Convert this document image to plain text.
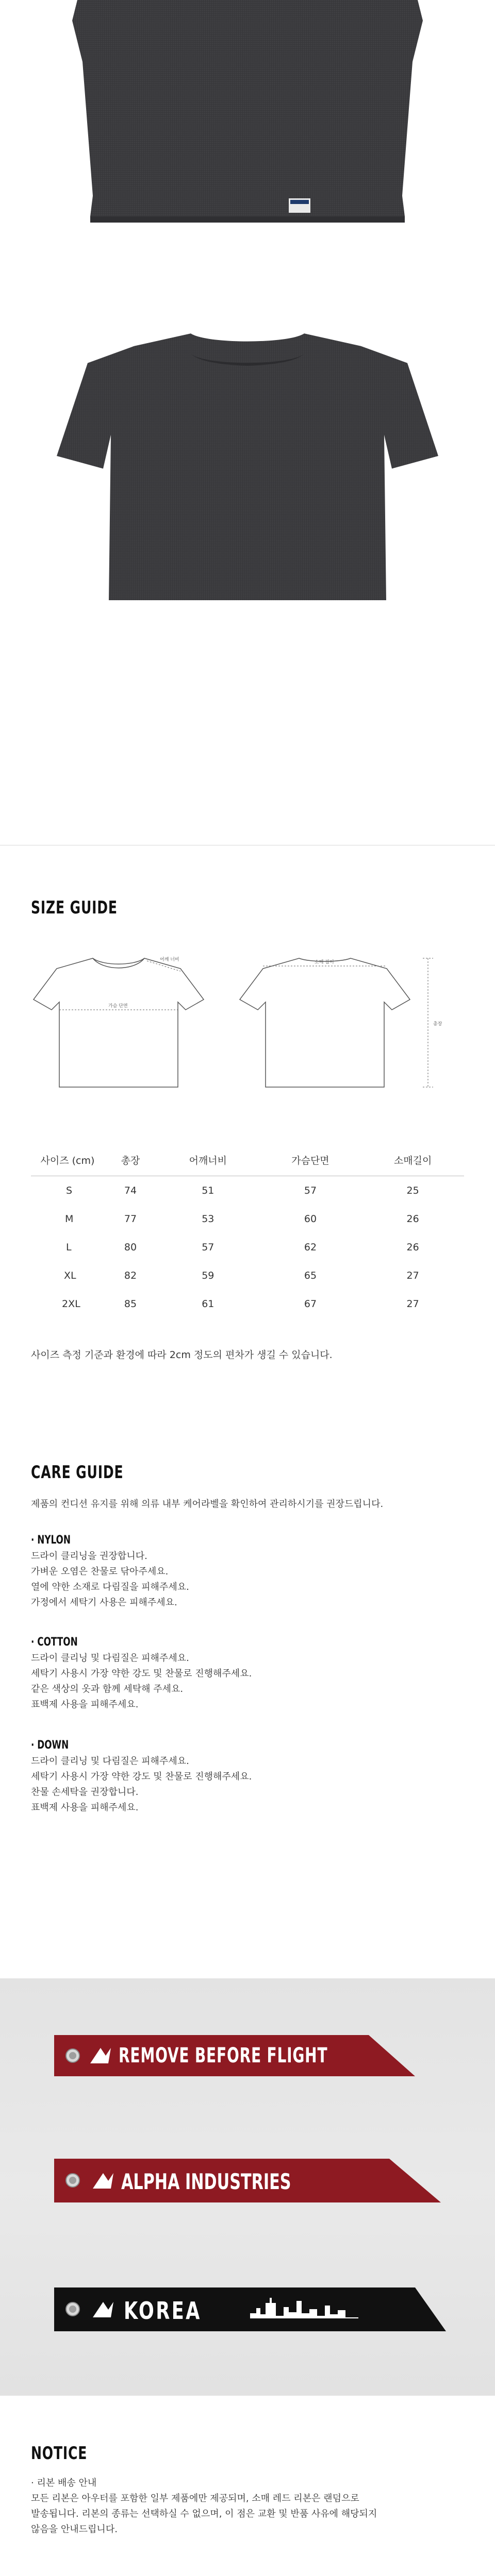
SIZE GUIDE
가슴 단면
어깨 너비	소매 길이
총장
사이즈 (cm)	총장	어깨너비	가슴단면	소매길이
S	74	51	57	25
M	77	53	60	26
L	80	57	62	26
XL	82	59	65	27
2XL	85	61	67	27
사이즈 측정 기준과 환경에 따라 2cm 정도의 편차가 생길 수 있습니다.
CARE GUIDE
제품의 컨디션 유지를 위해 의류 내부 케어라벨을 확인하여 관리하시기를 권장드립니다.
· NYLON
드라이 클리닝을 권장합니다.
가벼운 오염은 찬물로 닦아주세요.
열에 약한 소재로 다림질을 피해주세요.
가정에서 세탁기 사용은 피해주세요.
· COTTON
드라이 클리닝 및 다림질은 피해주세요.
세탁기 사용시 가장 약한 강도 및 찬물로 진행해주세요.
같은 색상의 옷과 함께 세탁해 주세요.
표백제 사용을 피해주세요.
· DOWN
드라이 클리닝 및 다림질은 피해주세요.
세탁기 사용시 가장 약한 강도 및 찬물로 진행해주세요.
찬물 손세탁을 권장합니다.
표백제 사용을 피해주세요.
REMOVE BEFORE FLIGHT
ALPHA INDUSTRIES
KOREA
NOTICE
· 리본 배송 안내
모든 리본은 아우터를 포함한 일부 제품에만 제공되며, 소매 레드 리본은 랜덤으로
발송됩니다. 리본의 종류는 선택하실 수 없으며, 이 점은 교환 및 반품 사유에 해당되지
않음을 안내드립니다.
